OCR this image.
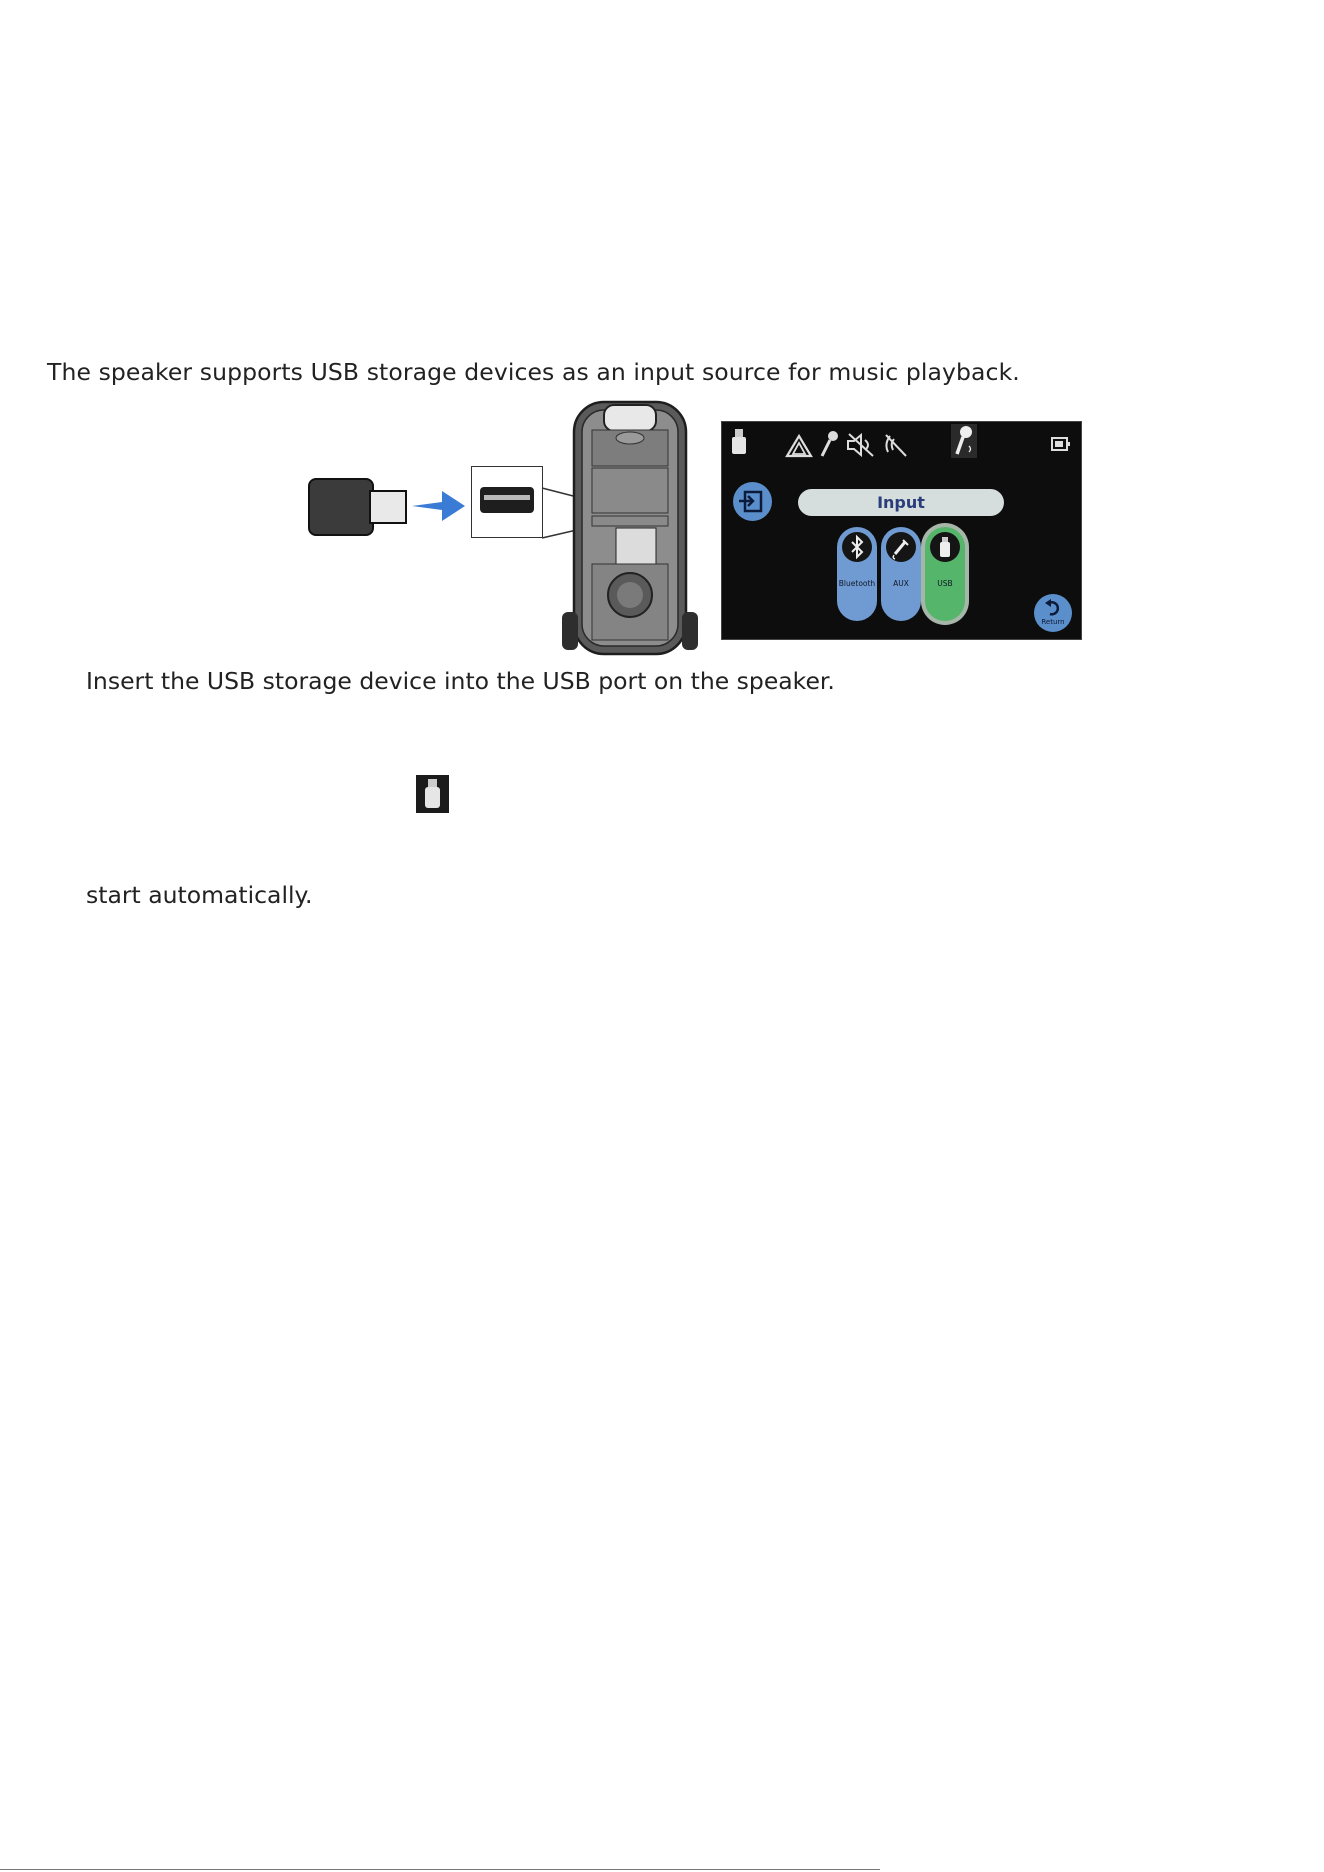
The speaker supports USB storage devices as an input source for music playback.
Input
Bluetooth	AUX	USB
Return
Insert the USB storage device into the USB port on the speaker.
start automatically.
